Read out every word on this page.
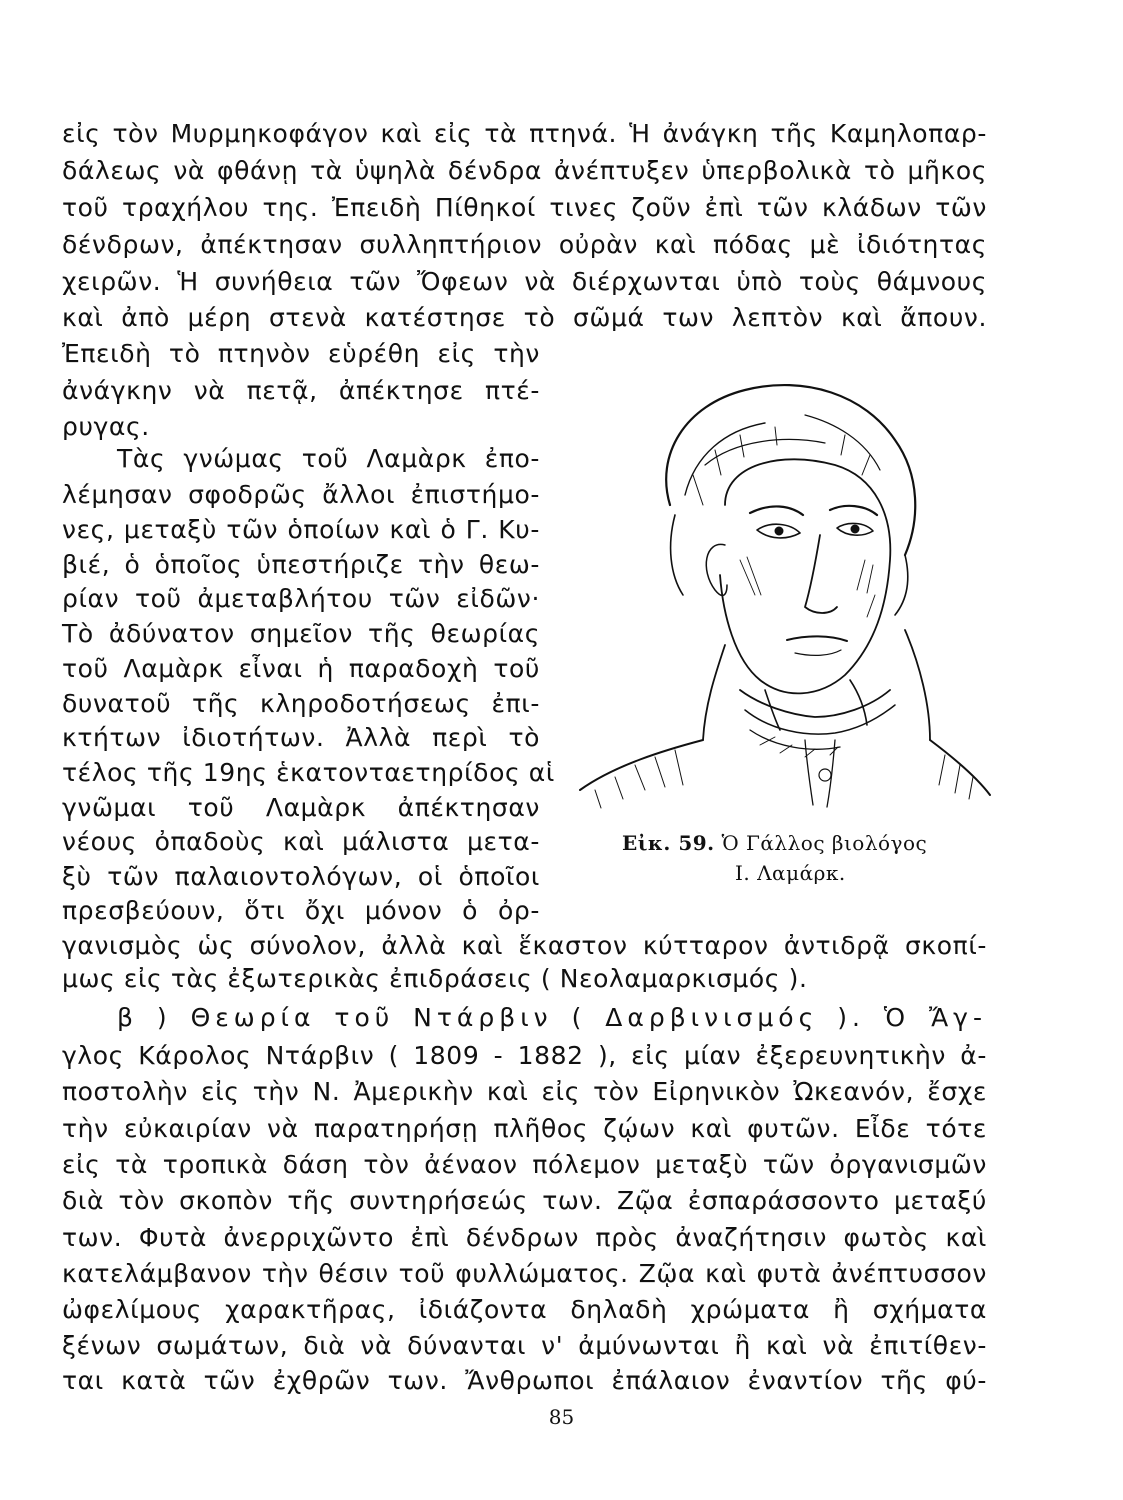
εἰς τὸν Μυρμηκοφάγον καὶ εἰς τὰ πτηνά. Ἡ ἀνάγκη τῆς Καμηλοπαρ-
δάλεως νὰ φθάνῃ τὰ ὑψηλὰ δένδρα ἀνέπτυξεν ὑπερβολικὰ τὸ μῆκος
τοῦ τραχήλου της. Ἐπειδὴ Πίθηκοί τινες ζοῦν ἐπὶ τῶν κλάδων τῶν
δένδρων, ἀπέκτησαν συλληπτήριον οὐρὰν καὶ πόδας μὲ ἰδιότητας
χειρῶν. Ἡ συνήθεια τῶν Ὄφεων νὰ διέρχωνται ὑπὸ τοὺς θάμνους
καὶ ἀπὸ μέρη στενὰ κατέστησε τὸ σῶμά των λεπτὸν καὶ ἄπουν.
Ἐπειδὴ τὸ πτηνὸν εὑρέθη εἰς τὴν
ἀνάγκην νὰ πετᾷ, ἀπέκτησε πτέ-
ρυγας.
Τὰς γνώμας τοῦ Λαμὰρκ ἐπο-
λέμησαν σφοδρῶς ἄλλοι ἐπιστήμο-
νες, μεταξὺ τῶν ὁποίων καὶ ὁ Γ. Κυ-
βιέ, ὁ ὁποῖος ὑπεστήριζε τὴν θεω-
ρίαν τοῦ ἀμεταβλήτου τῶν εἰδῶν·
Τὸ ἀδύνατον σημεῖον τῆς θεωρίας
τοῦ Λαμὰρκ εἶναι ἡ παραδοχὴ τοῦ
δυνατοῦ τῆς κληροδοτήσεως ἐπι-
κτήτων ἰδιοτήτων. Ἀλλὰ περὶ τὸ
τέλος τῆς 19ης ἑκατονταετηρίδος αἱ
γνῶμαι τοῦ Λαμὰρκ ἀπέκτησαν
νέους ὀπαδοὺς καὶ μάλιστα μετα-
ξὺ τῶν παλαιοντολόγων, οἱ ὁποῖοι
πρεσβεύουν, ὅτι ὄχι μόνον ὁ ὀρ-
γανισμὸς ὡς σύνολον, ἀλλὰ καὶ ἕκαστον κύτταρον ἀντιδρᾷ σκοπί-
μως εἰς τὰς ἐξωτερικὰς ἐπιδράσεις ( Νεολαμαρκισμός ).
β ) Θεωρία τοῦ Ντάρβιν ( Δαρβινισμός ). Ὁ Ἄγ-
γλος Κάρολος Ντάρβιν ( 1809 - 1882 ), εἰς μίαν ἐξερευνητικὴν ἀ-
ποστολὴν εἰς τὴν Ν. Ἀμερικὴν καὶ εἰς τὸν Εἰρηνικὸν Ὠκεανόν, ἔσχε
τὴν εὐκαιρίαν νὰ παρατηρήσῃ πλῆθος ζῴων καὶ φυτῶν. Εἶδε τότε
εἰς τὰ τροπικὰ δάση τὸν ἀέναον πόλεμον μεταξὺ τῶν ὀργανισμῶν
διὰ τὸν σκοπὸν τῆς συντηρήσεώς των. Ζῷα ἐσπαράσσοντο μεταξύ
των. Φυτὰ ἀνερριχῶντο ἐπὶ δένδρων πρὸς ἀναζήτησιν φωτὸς καὶ
κατελάμβανον τὴν θέσιν τοῦ φυλλώματος. Ζῷα καὶ φυτὰ ἀνέπτυσσον
ὠφελίμους χαρακτῆρας, ἰδιάζοντα δηλαδὴ χρώματα ἢ σχήματα
ξένων σωμάτων, διὰ νὰ δύνανται ν' ἀμύνωνται ἢ καὶ νὰ ἐπιτίθεν-
ται κατὰ τῶν ἐχθρῶν των. Ἄνθρωποι ἐπάλαιον ἐναντίον τῆς φύ-
Εἰκ. 59. Ὁ Γάλλος βιολόγος
Ι. Λαμάρκ.
85
